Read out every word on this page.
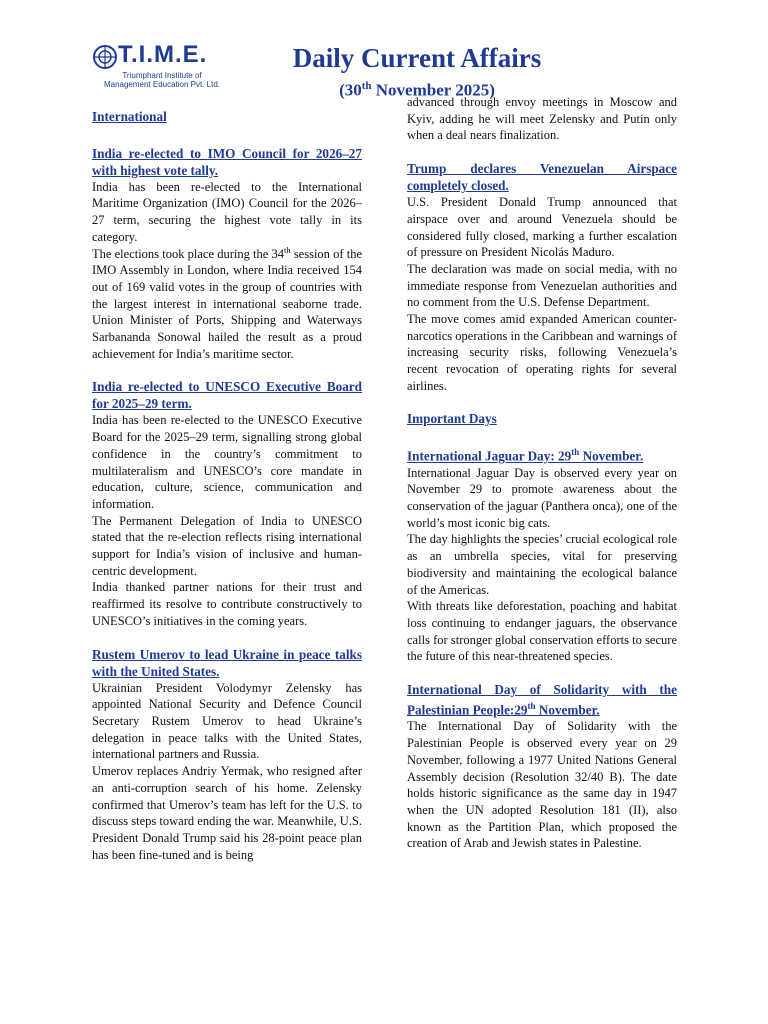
T.I.M.E.
Triumphant Institute of
Management Education Pvt. Ltd.
Daily Current Affairs
(30th November 2025)
International
India re-elected to IMO Council for 2026–27 with highest vote tally.

India has been re-elected to the International Maritime Organization (IMO) Council for the 2026–27 term, securing the highest vote tally in its category.

The elections took place during the 34th session of the IMO Assembly in London, where India received 154 out of 169 valid votes in the group of countries with the largest interest in international seaborne trade. Union Minister of Ports, Shipping and Waterways Sarbananda Sonowal hailed the result as a proud achievement for India’s maritime sector.

India re-elected to UNESCO Executive Board for 2025–29 term.

India has been re-elected to the UNESCO Executive Board for the 2025–29 term, signalling strong global confidence in the country’s commitment to multilateralism and UNESCO’s core mandate in education, culture, science, communication and information.

The Permanent Delegation of India to UNESCO stated that the re-election reflects rising international support for India’s vision of inclusive and human-centric development.

India thanked partner nations for their trust and reaffirmed its resolve to contribute constructively to UNESCO’s initiatives in the coming years.

Rustem Umerov to lead Ukraine in peace talks with the United States.

Ukrainian President Volodymyr Zelensky has appointed National Security and Defence Council Secretary Rustem Umerov to head Ukraine’s delegation in peace talks with the United States, international partners and Russia.

Umerov replaces Andriy Yermak, who resigned after an anti-corruption search of his home. Zelensky confirmed that Umerov’s team has left for the U.S. to discuss steps toward ending the war. Meanwhile, U.S. President Donald Trump said his 28-point peace plan has been fine-tuned and is being

advanced through envoy meetings in Moscow and Kyiv, adding he will meet Zelensky and Putin only when a deal nears finalization.

Trump declares Venezuelan Airspace completely closed.

U.S. President Donald Trump announced that airspace over and around Venezuela should be considered fully closed, marking a further escalation of pressure on President Nicolás Maduro.

The declaration was made on social media, with no immediate response from Venezuelan authorities and no comment from the U.S. Defense Department.

The move comes amid expanded American counter-narcotics operations in the Caribbean and warnings of increasing security risks, following Venezuela’s recent revocation of operating rights for several airlines.

Important Days
International Jaguar Day: 29th November.

International Jaguar Day is observed every year on November 29 to promote awareness about the conservation of the jaguar (Panthera onca), one of the world’s most iconic big cats.

The day highlights the species’ crucial ecological role as an umbrella species, vital for preserving biodiversity and maintaining the ecological balance of the Americas.

With threats like deforestation, poaching and habitat loss continuing to endanger jaguars, the observance calls for stronger global conservation efforts to secure the future of this near-threatened species.

International Day of Solidarity with the Palestinian People:29th November.

The International Day of Solidarity with the Palestinian People is observed every year on 29 November, following a 1977 United Nations General Assembly decision (Resolution 32/40 B). The date holds historic significance as the same day in 1947 when the UN adopted Resolution 181 (II), also known as the Partition Plan, which proposed the creation of Arab and Jewish states in Palestine.
